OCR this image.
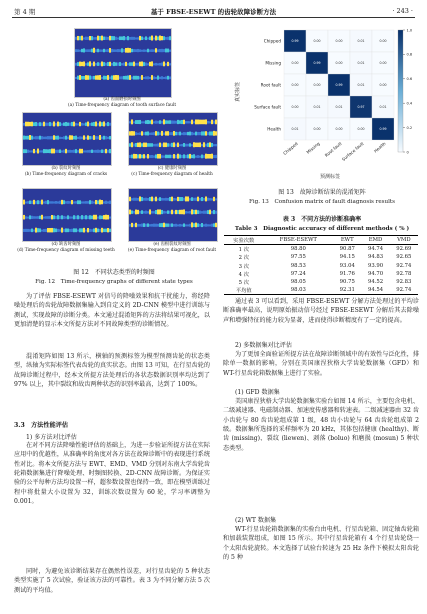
第 4 期	基于 FBSE-ESEWT 的齿轮故障诊断方法	· 243 ·
(a) 齿面磨损时频图
(a) Time-frequency diagram of tooth surface fault
(b) 裂纹时频图
(b) Time-frequency diagram of cracks
(c) 健康时频图
(c) Time-frequency diagram of health
(d) 缺齿时频图
(d) Time-frequency diagram of missing teeth
(e) 齿根裂纹时频图
(e) Time-frequency diagram of root fault
图 12　不同状态类型的时频图
Fig. 12　Time-frequency graphs of different state types
0.99	0.00	0.00	0.01	0.00
0.00	0.99	0.00	0.01	0.00
0.00	0.00	0.99	0.01	0.00
0.00	0.01	0.01	0.97	0.01
0.01	0.00	0.00	0.00	0.99
Chipped
Missing
Root fault
Surface fault
Health
Chipped Missing Root fault
Surface fault Health
1.0
0.8
0.6
0.4
0.2
0
真实标签
预测标签
图 13　故障诊断结果的混淆矩阵
Fig. 13　Confusion matrix of fault diagnosis results
表 3　不同方法的诊断准确率
Table 3　Diagnostic accuracy of different methods ( % )
实验次数	FBSE-ESEWT	EWT	EMD	VMD
1 次	98.80	90.87	94.74	92.69
2 次	97.55	94.15	94.83	92.65
3 次	98.53	93.04	93.90	92.74
4 次	97.24	91.76	94.70	92.78
5 次	98.05	90.75	94.52	92.83
平均值	98.03	92.31	94.54	92.74

为了评估 FBSE-ESEWT 对信号的降噪效果和抗干扰能力，将经降噪处理后的齿轮故障数据集输入到自定义的 2D-CNN 模型中进行训练与测试，实现故障的诊断分类。本文通过混淆矩阵的方法将结果可视化，以更加清楚的显示本文所提方法对不同故障类型的诊断情况。

混淆矩阵如图 13 所示，横轴的预测标签为模型预测齿轮的状态类型，纵轴为实际标签代表齿轮的真实状态。由图 13 可知，在行星齿轮的故障诊断过程中，经本文所提方法处理后的各状态数据识别率均达到了 97% 以上，其中裂纹和故齿两种状态的识别率最高，达到了 100%。

3.3　方法性能评估
1) 多方法对比评估

在对不同方法降噪性能评估的基础上，为进一步验证所提方法在实际应用中的优越性，从准确率的角度对各方法在故障诊断中的表现进行系统性对比。将本文所提方法与 EWT、EMD、VMD 分别对东南大学齿轮齿轮箱数据集进行降噪处理、时频图转换、2D-CNN 故障诊断。为保证实验的公平每种方法均设置一样，超参数设置也保持一致，即在模型训练过程中将批量大小设置为 32，训练次数设置为 60 轮，学习率调整为 0.001。

同时，为避免该诊断结果存在偶然性误差，对行星齿轮的 5 种状态类型实施了 5 次试验，验证该方法的可靠性。表 3 为不同分解方法 5 次测试的平均值。

通过表 3 可以看到，采用 FBSE-ESEWT 分解方法处理过的平均诊断准确率最高，说明原始振动信号经过 FBSE-ESEWT 分解后其去除噪声和增强特征的能力较为显著，进而使得诊断精度有了一定的提高。

2) 多数据集对比评估

为了更加全面验证所提方法在故障诊断领域中的有效性与泛化性，排除单一数据的影响，分别在美国康涅狄格大学齿轮数据集（GFD）和 WT-行星齿轮箱数据集上进行了实验。

(1) GFD 数据集

美国康涅狄格大学齿轮数据集实验台如图 14 所示，主要包含电机、二级减速器、电磁制动器、加速度传感器和转速表。二级减速器由 32 齿小齿轮与 80 齿齿轮组成第 1 级，48 齿小齿轮与 64 齿齿轮组成第 2 级。数据集所选择的采样频率为 20 kHz，其体包括健康 (healthy)、断齿 (missing)、裂纹 (liewen)、剥落 (boluo) 和磨损 (mosun) 5 种状态类型。

(2) WT 数据集

WT-行星齿轮箱数据集的实验台由电机、行星齿轮箱、固定轴齿轮箱和加载装置组成，如图 15 所示。其中行星齿轮箱有 4 个行星齿轮绕一个太阳齿轮旋转。本文选择了试验台转速为 25 Hz 条件下模拟太阳齿轮的 5 种
